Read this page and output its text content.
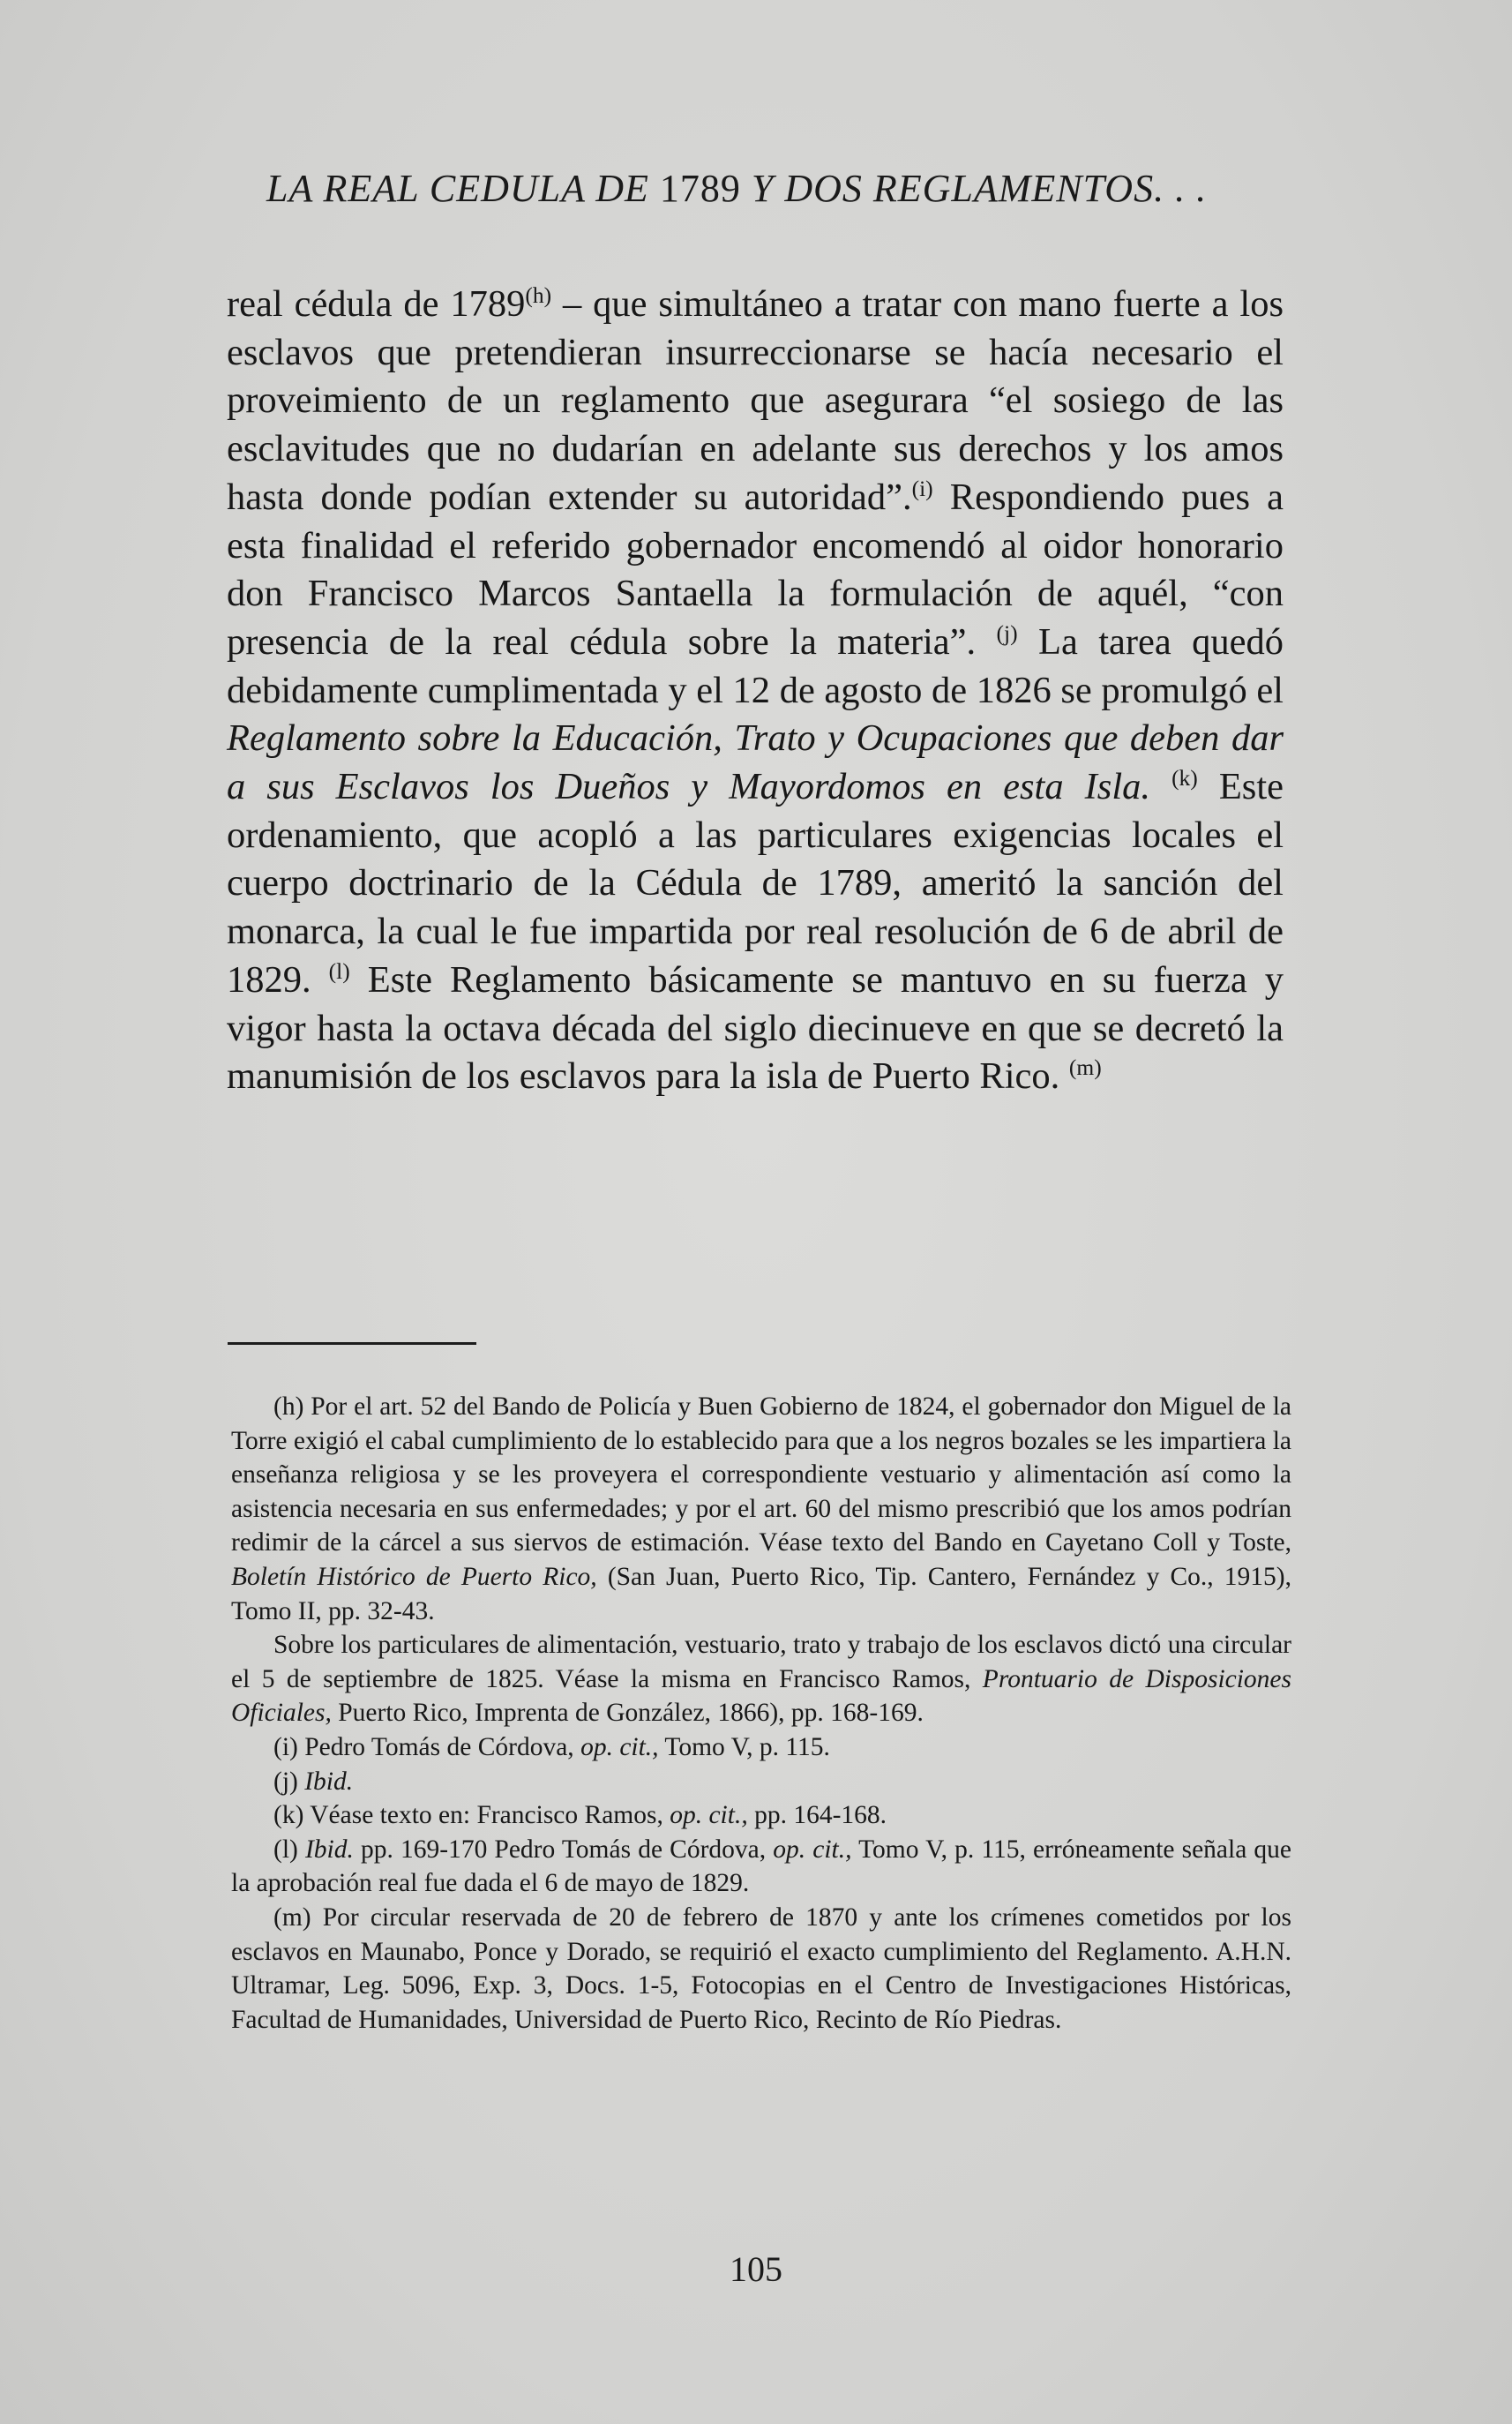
LA REAL CEDULA DE 1789 Y DOS REGLAMENTOS. . .
real cédula de 1789$^{(h)}$ – que simultáneo a tratar con mano fuerte a los esclavos que pretendieran insurreccionarse se hacía necesario el proveimiento de un reglamento que asegurara “el sosiego de las esclavitudes que no dudarían en adelante sus derechos y los amos hasta donde podían extender su autoridad”.$^{(i)}$ Respondiendo pues a esta finalidad el referido gobernador encomendó al oidor honorario don Francisco Marcos Santaella la formulación de aquél, “con presencia de la real cédula sobre la materia”. $^{(j)}$ La tarea quedó debidamente cumplimentada y el 12 de agosto de 1826 se promulgó el Reglamento sobre la Educación, Trato y Ocupaciones que deben dar a sus Esclavos los Dueños y Mayordomos en esta Isla. $^{(k)}$ Este ordenamiento, que acopló a las particulares exigencias locales el cuerpo doctrinario de la Cédula de 1789, ameritó la sanción del monarca, la cual le fue impartida por real resolución de 6 de abril de 1829. $^{(l)}$ Este Reglamento básicamente se mantuvo en su fuerza y vigor hasta la octava década del siglo diecinueve en que se decretó la manumisión de los esclavos para la isla de Puerto Rico. $^{(m)}$

(h) Por el art. 52 del Bando de Policía y Buen Gobierno de 1824, el gobernador don Miguel de la Torre exigió el cabal cumplimiento de lo establecido para que a los negros bozales se les impartiera la enseñanza religiosa y se les proveyera el correspondiente vestuario y alimentación así como la asistencia necesaria en sus enfermedades; y por el art. 60 del mismo prescribió que los amos podrían redimir de la cárcel a sus siervos de estimación. Véase texto del Bando en Cayetano Coll y Toste, Boletín Histórico de Puerto Rico, (San Juan, Puerto Rico, Tip. Cantero, Fernández y Co., 1915), Tomo II, pp. 32-43.

Sobre los particulares de alimentación, vestuario, trato y trabajo de los esclavos dictó una circular el 5 de septiembre de 1825. Véase la misma en Francisco Ramos, Prontuario de Disposiciones Oficiales, Puerto Rico, Imprenta de González, 1866), pp. 168-169.

(i) Pedro Tomás de Córdova, op. cit., Tomo V, p. 115.

(j) Ibid.

(k) Véase texto en: Francisco Ramos, op. cit., pp. 164-168.

(l) Ibid. pp. 169-170 Pedro Tomás de Córdova, op. cit., Tomo V, p. 115, erróneamente señala que la aprobación real fue dada el 6 de mayo de 1829.

(m) Por circular reservada de 20 de febrero de 1870 y ante los crímenes cometidos por los esclavos en Maunabo, Ponce y Dorado, se requirió el exacto cumplimiento del Reglamento. A.H.N. Ultramar, Leg. 5096, Exp. 3, Docs. 1-5, Fotocopias en el Centro de Investigaciones Históricas, Facultad de Humanidades, Universidad de Puerto Rico, Recinto de Río Piedras.

105
